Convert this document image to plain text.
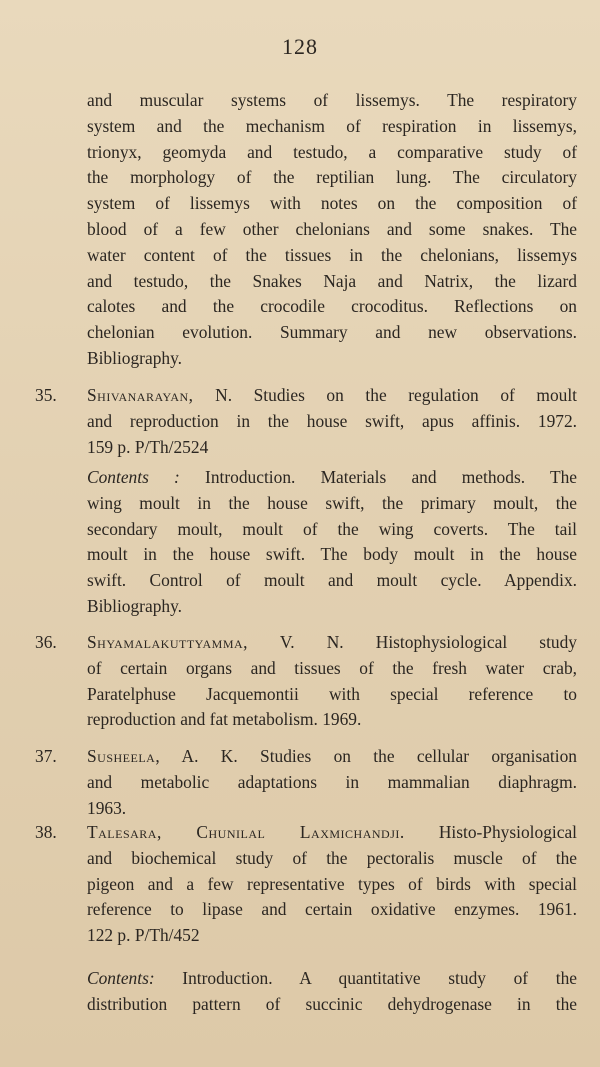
128
and muscular systems of lissemys. The respiratory
system and the mechanism of respiration in lissemys,
trionyx, geomyda and testudo, a comparative study of
the morphology of the reptilian lung. The circulatory
system of lissemys with notes on the composition of
blood of a few other chelonians and some snakes. The
water content of the tissues in the chelonians, lissemys
and testudo, the Snakes Naja and Natrix, the lizard
calotes and the crocodile crocoditus. Reflections on
chelonian evolution. Summary and new observations.
Bibliography.
35. Shivanarayan, N. Studies on the regulation of moult
and reproduction in the house swift, apus affinis. 1972.
159 p. P/Th/2524
Contents : Introduction. Materials and methods. The
wing moult in the house swift, the primary moult, the
secondary moult, moult of the wing coverts. The tail
moult in the house swift. The body moult in the house
swift. Control of moult and moult cycle. Appendix.
Bibliography.
36. Shyamalakuttyamma, V. N. Histophysiological study
of certain organs and tissues of the fresh water crab,
Paratelphuse Jacquemontii with special reference to
reproduction and fat metabolism. 1969.
37. Susheela, A. K. Studies on the cellular organisation
and metabolic adaptations in mammalian diaphragm.
1963.
38. Talesara, Chunilal Laxmichandji. Histo-Physiological
and biochemical study of the pectoralis muscle of the
pigeon and a few representative types of birds with special
reference to lipase and certain oxidative enzymes. 1961.
122 p. P/Th/452
Contents: Introduction. A quantitative study of the
distribution pattern of succinic dehydrogenase in the
